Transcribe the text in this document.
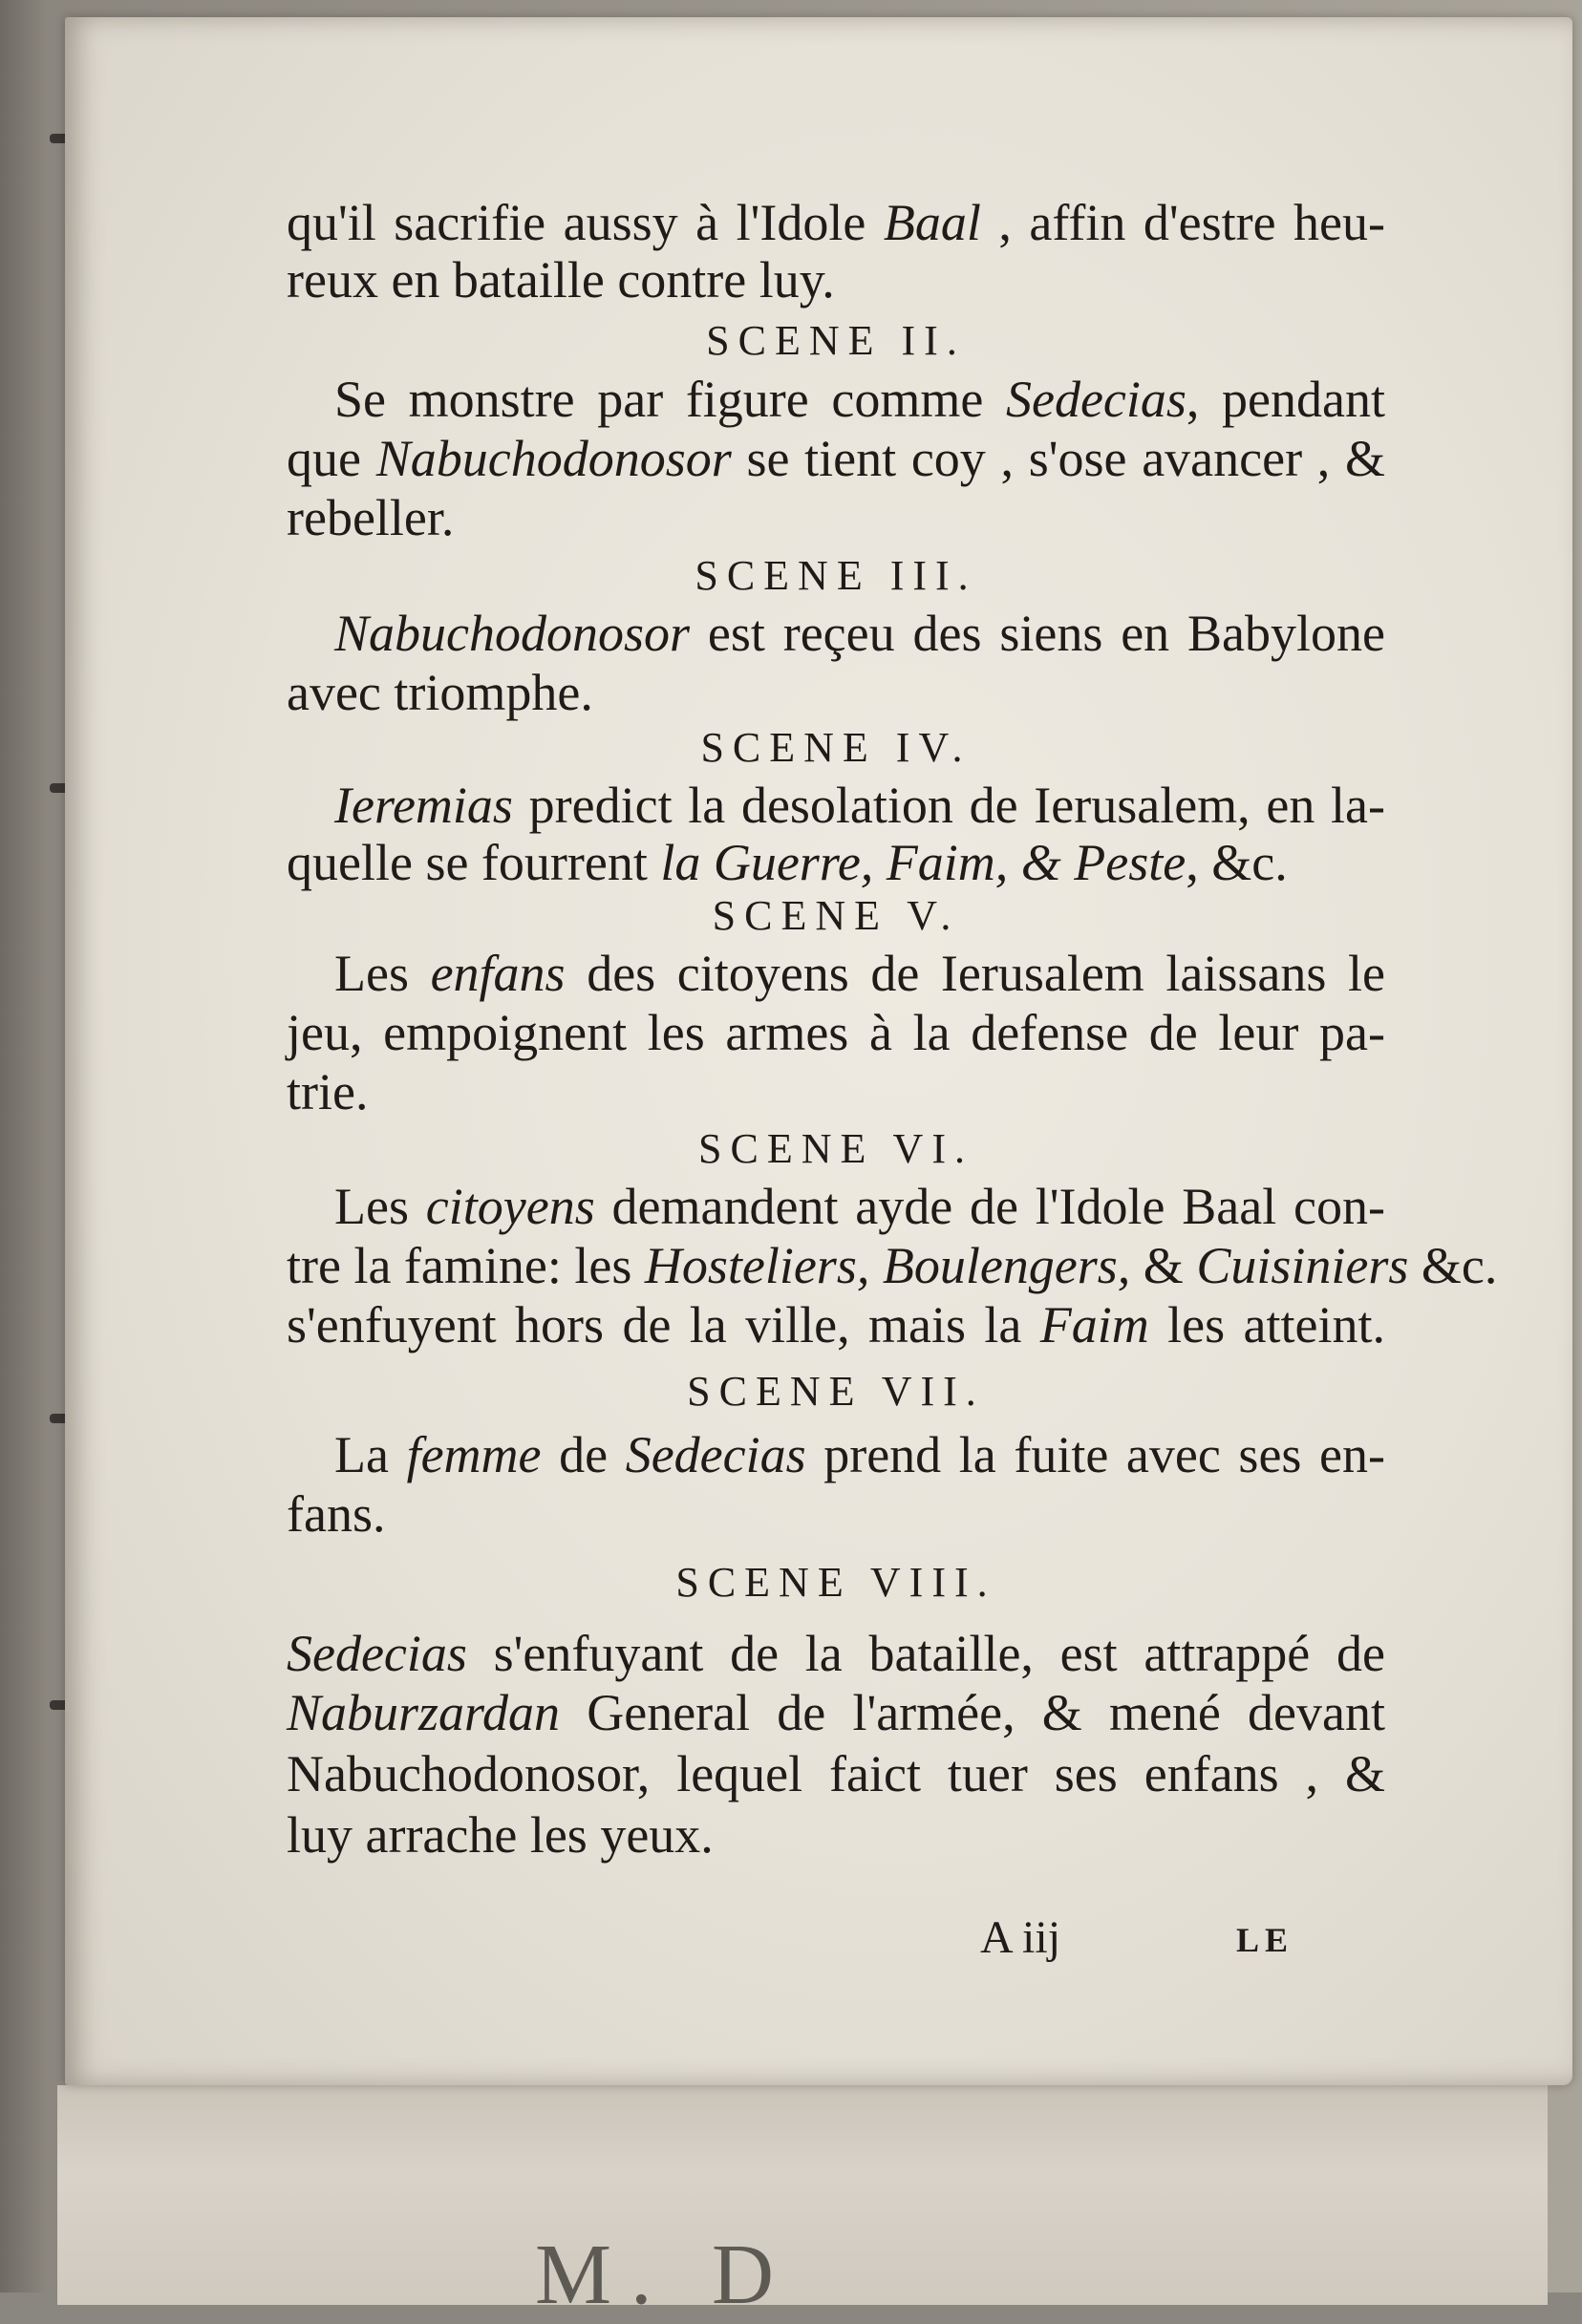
M. D
qu'il sacrifie aussy à l'Idole Baal , affin d'estre heu-
reux en bataille contre luy.
SCENE II.
Se monstre par figure comme Sedecias, pendant
que Nabuchodonosor se tient coy , s'ose avancer , &
rebeller.
SCENE III.
Nabuchodonosor est reçeu des siens en Babylone
avec triomphe.
SCENE IV.
Ieremias predict la desolation de Ierusalem, en la-
quelle se fourrent la Guerre, Faim, & Peste, &c.
SCENE V.
Les enfans des citoyens de Ierusalem laissans le
jeu, empoignent les armes à la defense de leur pa-
trie.
SCENE VI.
Les citoyens demandent ayde de l'Idole Baal con-
tre la famine: les Hosteliers, Boulengers, & Cuisiniers &c.
s'enfuyent hors de la ville, mais la Faim les atteint.
SCENE VII.
La femme de Sedecias prend la fuite avec ses en-
fans.
SCENE VIII.
Sedecias s'enfuyant de la bataille, est attrappé de
Naburzardan General de l'armée, & mené devant
Nabuchodonosor, lequel faict tuer ses enfans , &
luy arrache les yeux.
A iij	LE
